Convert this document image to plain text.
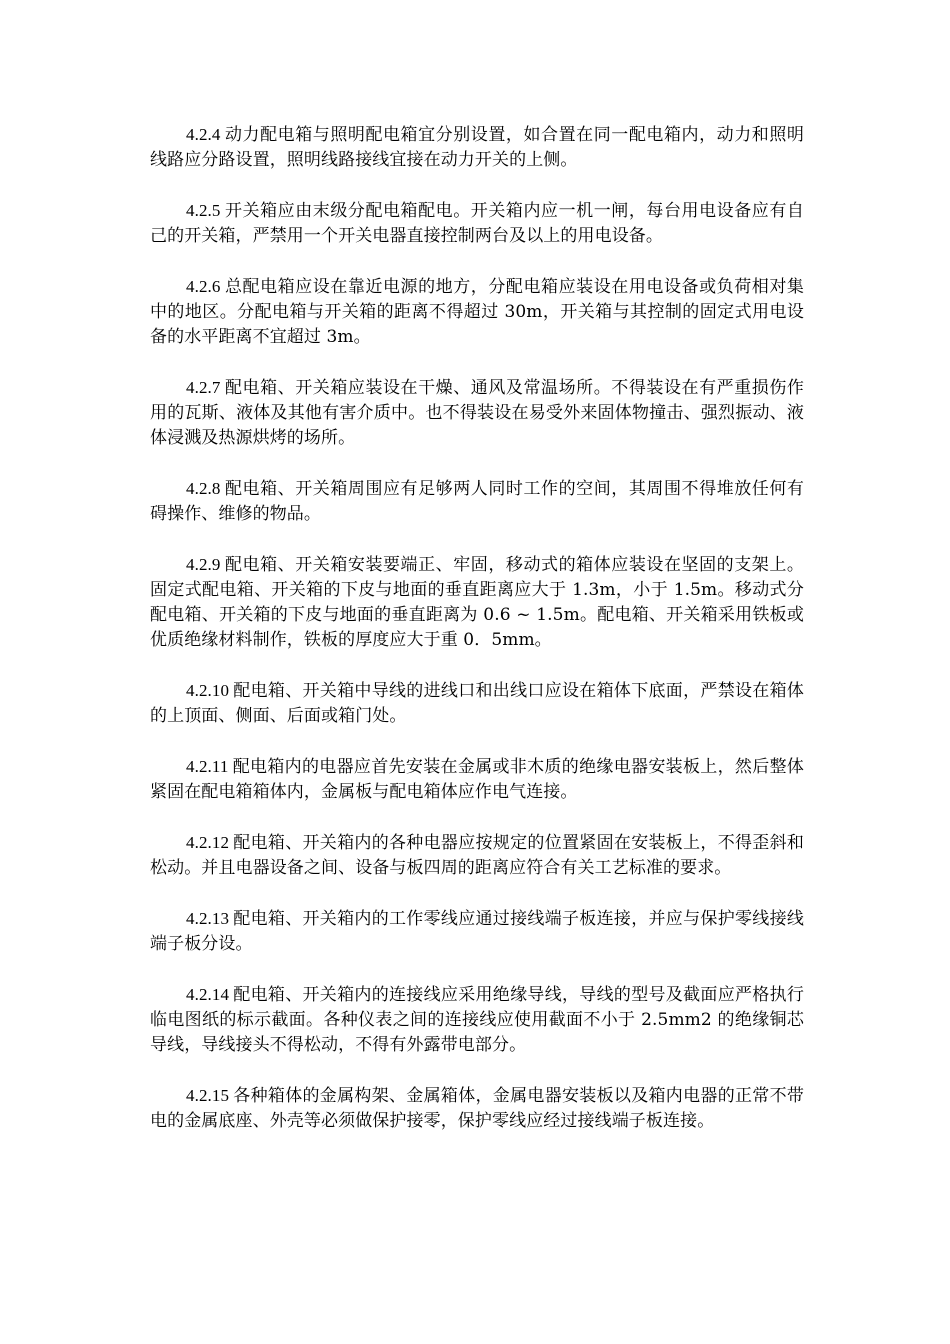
4.2.4 动力配电箱与照明配电箱宜分别设置，如合置在同一配电箱内，动力和照明线路应分路设置，照明线路接线宜接在动力开关的上侧。

4.2.5 开关箱应由末级分配电箱配电。开关箱内应一机一闸，每台用电设备应有自己的开关箱，严禁用一个开关电器直接控制两台及以上的用电设备。

4.2.6 总配电箱应设在靠近电源的地方，分配电箱应装设在用电设备或负荷相对集中的地区。分配电箱与开关箱的距离不得超过 30m，开关箱与其控制的固定式用电设备的水平距离不宜超过 3m。

4.2.7 配电箱、开关箱应装设在干燥、通风及常温场所。不得装设在有严重损伤作用的瓦斯、液体及其他有害介质中。也不得装设在易受外来固体物撞击、强烈振动、液体浸溅及热源烘烤的场所。

4.2.8 配电箱、开关箱周围应有足够两人同时工作的空间，其周围不得堆放任何有碍操作、维修的物品。

4.2.9 配电箱、开关箱安装要端正、牢固，移动式的箱体应装设在坚固的支架上。固定式配电箱、开关箱的下皮与地面的垂直距离应大于 1.3m，小于 1.5m。移动式分配电箱、开关箱的下皮与地面的垂直距离为 0.6 ~ 1.5m。配电箱、开关箱采用铁板或优质绝缘材料制作，铁板的厚度应大于重 0．5mm。

4.2.10 配电箱、开关箱中导线的进线口和出线口应设在箱体下底面，严禁设在箱体的上顶面、侧面、后面或箱门处。

4.2.11 配电箱内的电器应首先安装在金属或非木质的绝缘电器安装板上，然后整体紧固在配电箱箱体内，金属板与配电箱体应作电气连接。

4.2.12 配电箱、开关箱内的各种电器应按规定的位置紧固在安装板上，不得歪斜和松动。并且电器设备之间、设备与板四周的距离应符合有关工艺标准的要求。

4.2.13 配电箱、开关箱内的工作零线应通过接线端子板连接，并应与保护零线接线端子板分设。

4.2.14 配电箱、开关箱内的连接线应采用绝缘导线，导线的型号及截面应严格执行临电图纸的标示截面。各种仪表之间的连接线应使用截面不小于 2.5mm2 的绝缘铜芯导线，导线接头不得松动，不得有外露带电部分。

4.2.15 各种箱体的金属构架、金属箱体，金属电器安装板以及箱内电器的正常不带电的金属底座、外壳等必须做保护接零，保护零线应经过接线端子板连接。
